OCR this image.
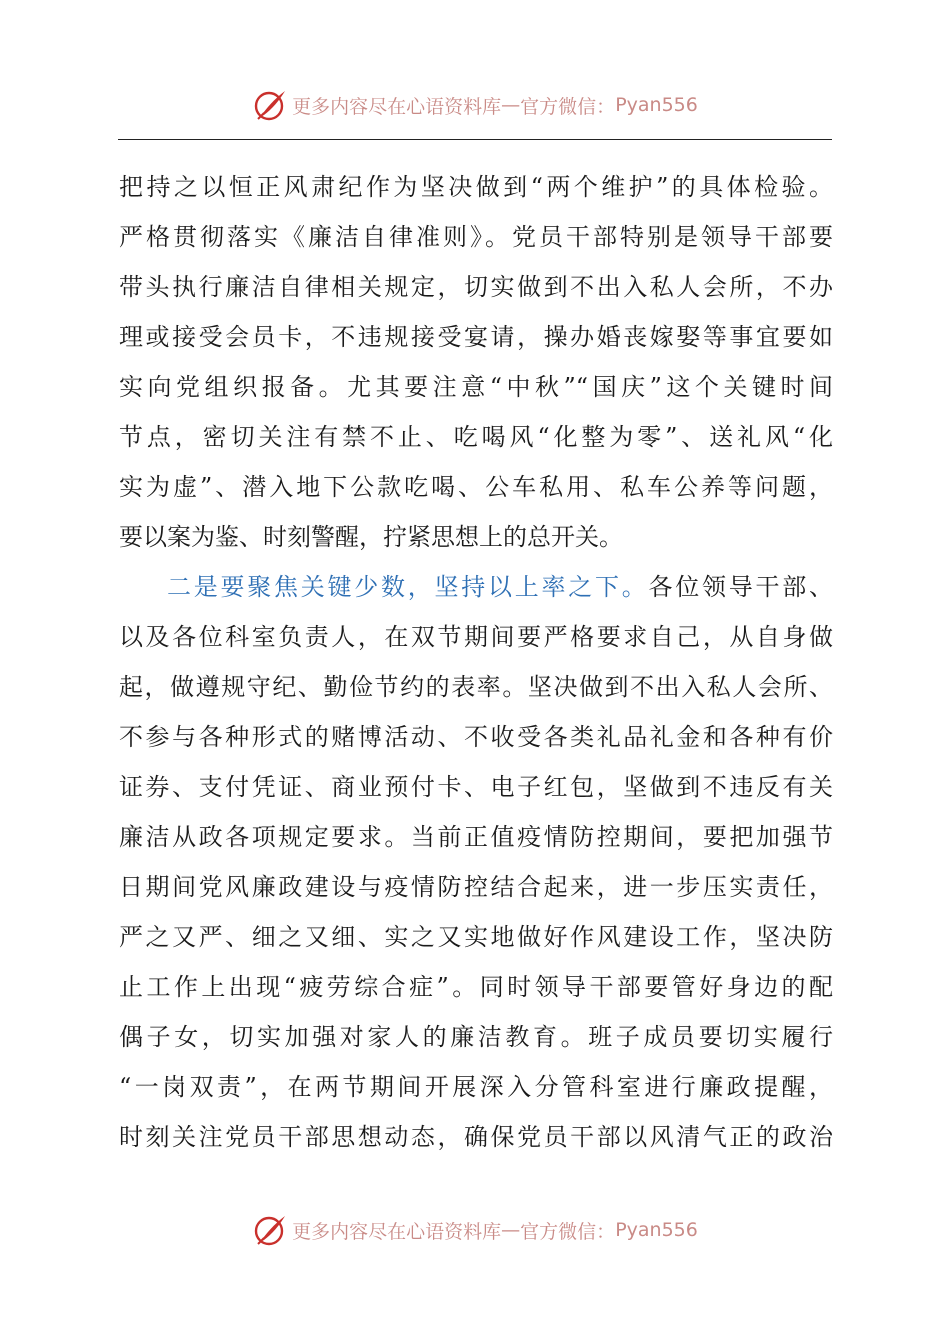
更多内容尽在心语资料库 — 官方微信： Pyan556
把持之以恒正风肃纪作为坚决做到“两个维护”的具体检验。
严格贯彻落实《廉洁自律准则》。党员干部特别是领导干部要
带头执行廉洁自律相关规定，切实做到不出入私人会所，不办
理或接受会员卡，不违规接受宴请，操办婚丧嫁娶等事宜要如
实向党组织报备。尤其要注意“中秋”“国庆”这个关键时间
节点，密切关注有禁不止、吃喝风“化整为零”、送礼风“化
实为虚”、潜入地下公款吃喝、公车私用、私车公养等问题，
要以案为鉴、时刻警醒，拧紧思想上的总开关。
二是要聚焦关键少数，坚持以上率之下。各位领导干部、
以及各位科室负责人，在双节期间要严格要求自己，从自身做
起，做遵规守纪、勤俭节约的表率。坚决做到不出入私人会所、
不参与各种形式的赌博活动、不收受各类礼品礼金和各种有价
证券、支付凭证、商业预付卡、电子红包，坚做到不违反有关
廉洁从政各项规定要求。当前正值疫情防控期间，要把加强节
日期间党风廉政建设与疫情防控结合起来，进一步压实责任，
严之又严、细之又细、实之又实地做好作风建设工作，坚决防
止工作上出现“疲劳综合症”。同时领导干部要管好身边的配
偶子女，切实加强对家人的廉洁教育。班子成员要切实履行
“一岗双责”，在两节期间开展深入分管科室进行廉政提醒，
时刻关注党员干部思想动态，确保党员干部以风清气正的政治
更多内容尽在心语资料库 — 官方微信： Pyan556
